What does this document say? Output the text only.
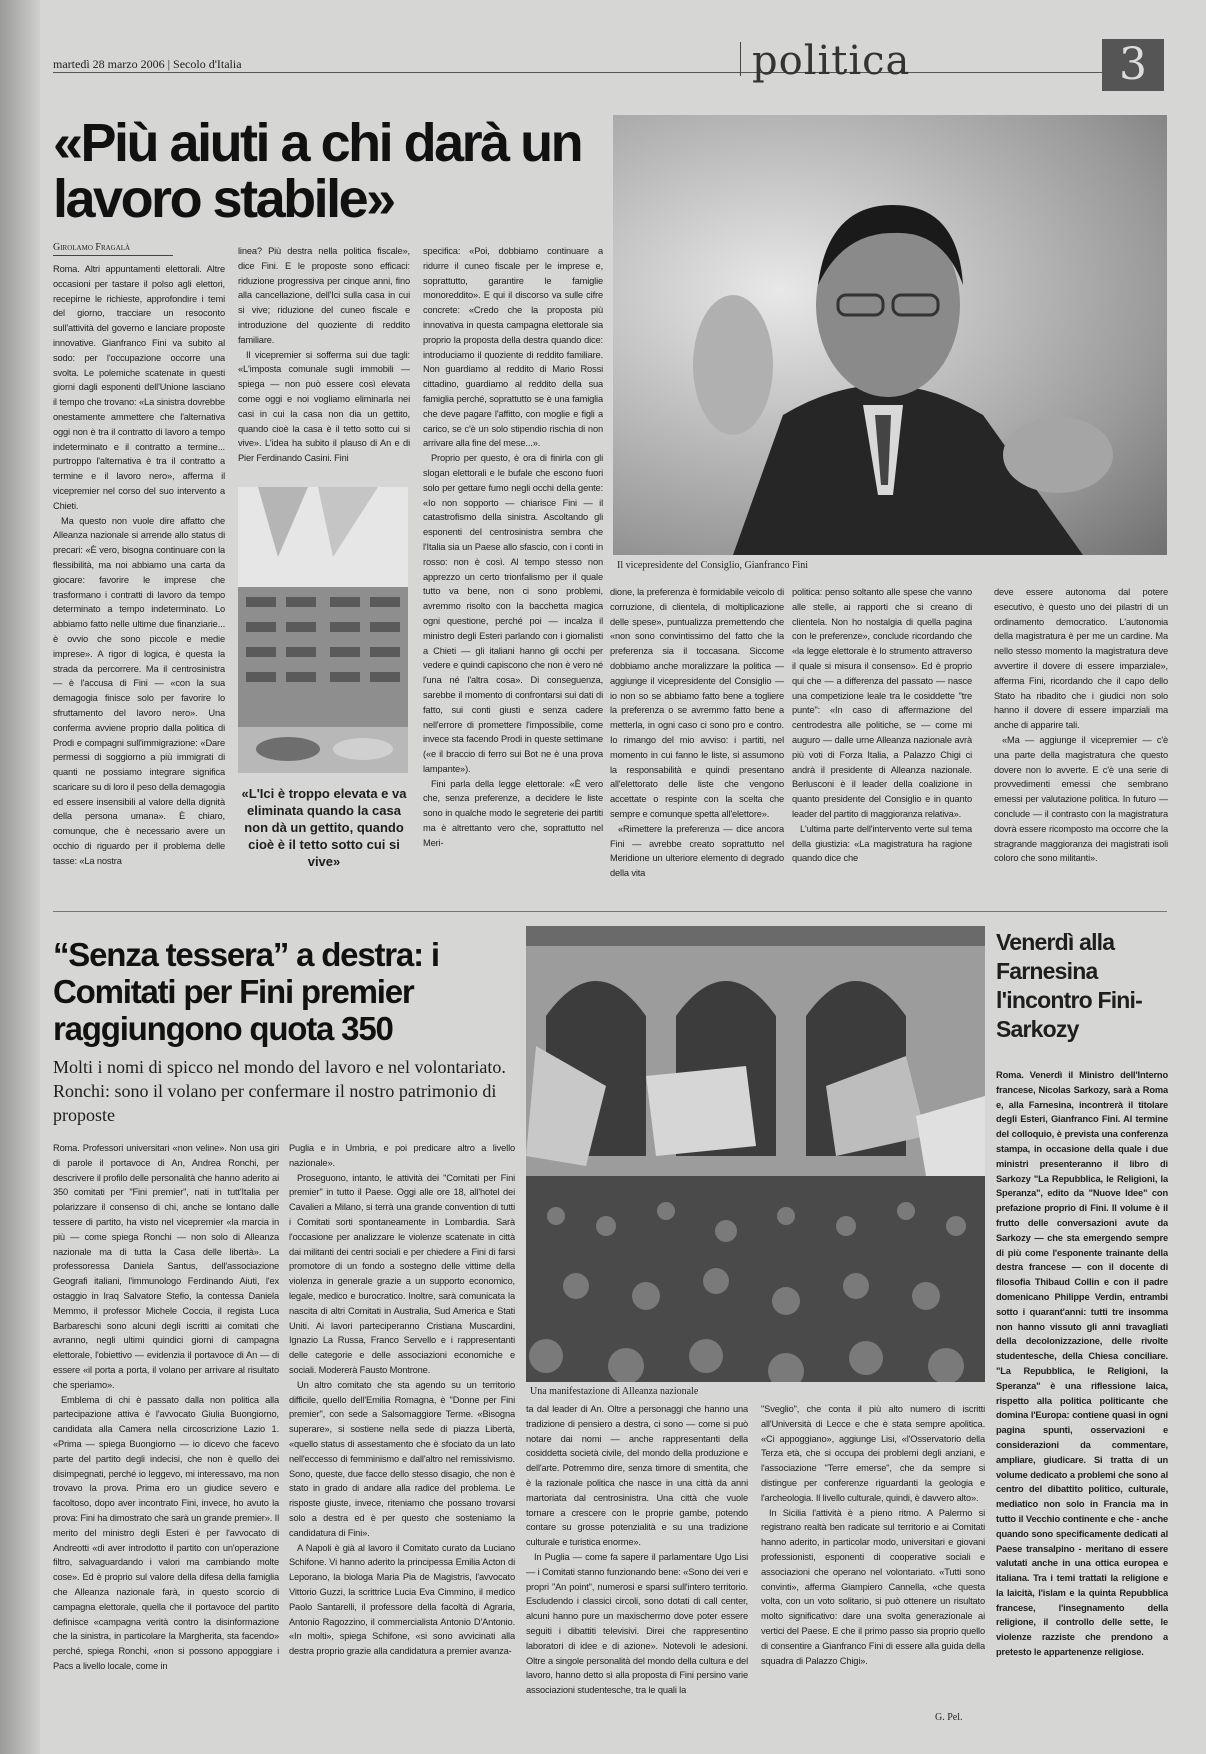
martedì 28 marzo 2006 | Secolo d'Italia	politica	3
«Più aiuti a chi darà un lavoro stabile»
Girolamo Fragalà

Roma. Altri appuntamenti elettorali. Altre occasioni per tastare il polso agli elettori, recepirne le richieste, approfondire i temi del giorno, tracciare un resoconto sull'attività del governo e lanciare proposte innovative. Gianfranco Fini va subito al sodo: per l'occupazione occorre una svolta. Le polemiche scatenate in questi giorni dagli esponenti dell'Unione lasciano il tempo che trovano: «La sinistra dovrebbe onestamente ammettere che l'alternativa oggi non è tra il contratto di lavoro a tempo indeterminato e il contratto a termine... purtroppo l'alternativa è tra il contratto a termine e il lavoro nero», afferma il vicepremier nel corso del suo intervento a Chieti.

Ma questo non vuole dire affatto che Alleanza nazionale si arrende allo status di precari: «È vero, bisogna continuare con la flessibilità, ma noi abbiamo una carta da giocare: favorire le imprese che trasformano i contratti di lavoro da tempo determinato a tempo indeterminato. Lo abbiamo fatto nelle ultime due finanziarie... è ovvio che sono piccole e medie imprese». A rigor di logica, è questa la strada da percorrere. Ma il centrosinistra — è l'accusa di Fini — «con la sua demagogia finisce solo per favorire lo sfruttamento del lavoro nero». Una conferma avviene proprio dalla politica di Prodi e compagni sull'immigrazione: «Dare permessi di soggiorno a più immigrati di quanti ne possiamo integrare significa scaricare su di loro il peso della demagogia ed essere insensibili al valore della dignità della persona umana». È chiaro, comunque, che è necessario avere un occhio di riguardo per il problema delle tasse: «La nostra

linea? Più destra nella politica fiscale», dice Fini. E le proposte sono efficaci: riduzione progressiva per cinque anni, fino alla cancellazione, dell'Ici sulla casa in cui si vive; riduzione del cuneo fiscale e introduzione del quoziente di reddito familiare.

Il vicepremier si sofferma sui due tagli: «L'imposta comunale sugli immobili — spiega — non può essere così elevata come oggi e noi vogliamo eliminarla nei casi in cui la casa non dia un gettito, quando cioè la casa è il tetto sotto cui si vive». L'idea ha subito il plauso di An e di Pier Ferdinando Casini. Fini

«L'Ici è troppo elevata e va eliminata quando la casa non dà un gettito, quando cioè è il tetto sotto cui si vive»

specifica: «Poi, dobbiamo continuare a ridurre il cuneo fiscale per le imprese e, soprattutto, garantire le famiglie monoreddito». E qui il discorso va sulle cifre concrete: «Credo che la proposta più innovativa in questa campagna elettorale sia proprio la proposta della destra quando dice: introduciamo il quoziente di reddito familiare. Non guardiamo al reddito di Mario Rossi cittadino, guardiamo al reddito della sua famiglia perché, soprattutto se è una famiglia che deve pagare l'affitto, con moglie e figli a carico, se c'è un solo stipendio rischia di non arrivare alla fine del mese...».

Proprio per questo, è ora di finirla con gli slogan elettorali e le bufale che escono fuori solo per gettare fumo negli occhi della gente: «Io non sopporto — chiarisce Fini — il catastrofismo della sinistra. Ascoltando gli esponenti del centrosinistra sembra che l'Italia sia un Paese allo sfascio, con i conti in rosso: non è così. Al tempo stesso non apprezzo un certo trionfalismo per il quale tutto va bene, non ci sono problemi, avremmo risolto con la bacchetta magica ogni questione, perché poi — incalza il ministro degli Esteri parlando con i giornalisti a Chieti — gli italiani hanno gli occhi per vedere e quindi capiscono che non è vero né l'una né l'altra cosa». Di conseguenza, sarebbe il momento di confrontarsi sui dati di fatto, sui conti giusti e senza cadere nell'errore di promettere l'impossibile, come invece sta facendo Prodi in queste settimane («e il braccio di ferro sui Bot ne è una prova lampante»).

Fini parla della legge elettorale: «È vero che, senza preferenze, a decidere le liste sono in qualche modo le segreterie dei partiti ma è altrettanto vero che, soprattutto nel Meri-

Il vicepresidente del Consiglio, Gianfranco Fini

dione, la preferenza è formidabile veicolo di corruzione, di clientela, di moltiplicazione delle spese», puntualizza premettendo che «non sono convintissimo del fatto che la preferenza sia il toccasana. Siccome dobbiamo anche moralizzare la politica — aggiunge il vicepresidente del Consiglio — io non so se abbiamo fatto bene a togliere la preferenza o se avremmo fatto bene a metterla, in ogni caso ci sono pro e contro. Io rimango del mio avviso: i partiti, nel momento in cui fanno le liste, si assumono la responsabilità e quindi presentano all'elettorato delle liste che vengono accettate o respinte con la scelta che sempre e comunque spetta all'elettore».

«Rimettere la preferenza — dice ancora Fini — avrebbe creato soprattutto nel Meridione un ulteriore elemento di degrado della vita

politica: penso soltanto alle spese che vanno alle stelle, ai rapporti che si creano di clientela. Non ho nostalgia di quella pagina con le preferenze», conclude ricordando che «la legge elettorale è lo strumento attraverso il quale si misura il consenso». Ed è proprio qui che — a differenza del passato — nasce una competizione leale tra le cosiddette "tre punte": «In caso di affermazione del centrodestra alle politiche, se — come mi auguro — dalle urne Alleanza nazionale avrà più voti di Forza Italia, a Palazzo Chigi ci andrà il presidente di Alleanza nazionale. Berlusconi è il leader della coalizione in quanto presidente del Consiglio e in quanto leader del partito di maggioranza relativa».

L'ultima parte dell'intervento verte sul tema della giustizia: «La magistratura ha ragione quando dice che

deve essere autonoma dal potere esecutivo, è questo uno dei pilastri di un ordinamento democratico. L'autonomia della magistratura è per me un cardine. Ma nello stesso momento la magistratura deve avvertire il dovere di essere imparziale», afferma Fini, ricordando che il capo dello Stato ha ribadito che i giudici non solo hanno il dovere di essere imparziali ma anche di apparire tali.

«Ma — aggiunge il vicepremier — c'è una parte della magistratura che questo dovere non lo avverte. E c'è una serie di provvedimenti emessi che sembrano emessi per valutazione politica. In futuro — conclude — il contrasto con la magistratura dovrà essere ricomposto ma occorre che la stragrande maggioranza dei magistrati isoli coloro che sono militanti».

“Senza tessera” a destra: i Comitati per Fini premier raggiungono quota 350
Molti i nomi di spicco nel mondo del lavoro e nel volontariato. Ronchi: sono il volano per confermare il nostro patrimonio di proposte

Roma. Professori universitari «non veline». Non usa giri di parole il portavoce di An, Andrea Ronchi, per descrivere il profilo delle personalità che hanno aderito ai 350 comitati per "Fini premier", nati in tutt'Italia per polarizzare il consenso di chi, anche se lontano dalle tessere di partito, ha visto nel vicepremier «la marcia in più — come spiega Ronchi — non solo di Alleanza nazionale ma di tutta la Casa delle libertà». La professoressa Daniela Santus, dell'associazione Geografi italiani, l'immunologo Ferdinando Aiuti, l'ex ostaggio in Iraq Salvatore Stefio, la contessa Daniela Memmo, il professor Michele Coccia, il regista Luca Barbareschi sono alcuni degli iscritti ai comitati che avranno, negli ultimi quindici giorni di campagna elettorale, l'obiettivo — evidenzia il portavoce di An — di essere «il porta a porta, il volano per arrivare al risultato che speriamo».

Emblema di chi è passato dalla non politica alla partecipazione attiva è l'avvocato Giulia Buongiorno, candidata alla Camera nella circoscrizione Lazio 1. «Prima — spiega Buongiorno — io dicevo che facevo parte del partito degli indecisi, che non è quello dei disimpegnati, perché io leggevo, mi interessavo, ma non trovavo la prova. Prima ero un giudice severo e facoltoso, dopo aver incontrato Fini, invece, ho avuto la prova: Fini ha dimostrato che sarà un grande premier». Il merito del ministro degli Esteri è per l'avvocato di Andreotti «di aver introdotto il partito con un'operazione filtro, salvaguardando i valori ma cambiando molte cose». Ed è proprio sul valore della difesa della famiglia che Alleanza nazionale farà, in questo scorcio di campagna elettorale, quella che il portavoce del partito definisce «campagna verità contro la disinformazione che la sinistra, in particolare la Margherita, sta facendo» perché, spiega Ronchi, «non si possono appoggiare i Pacs a livello locale, come in

Puglia e in Umbria, e poi predicare altro a livello nazionale».

Proseguono, intanto, le attività dei "Comitati per Fini premier" in tutto il Paese. Oggi alle ore 18, all'hotel dei Cavalieri a Milano, si terrà una grande convention di tutti i Comitati sorti spontaneamente in Lombardia. Sarà l'occasione per analizzare le violenze scatenate in città dai militanti dei centri sociali e per chiedere a Fini di farsi promotore di un fondo a sostegno delle vittime della violenza in generale grazie a un supporto economico, legale, medico e burocratico. Inoltre, sarà comunicata la nascita di altri Comitati in Australia, Sud America e Stati Uniti. Ai lavori parteciperanno Cristiana Muscardini, Ignazio La Russa, Franco Servello e i rappresentanti delle categorie e delle associazioni economiche e sociali. Modererà Fausto Montrone.

Un altro comitato che sta agendo su un territorio difficile, quello dell'Emilia Romagna, è "Donne per Fini premier", con sede a Salsomaggiore Terme. «Bisogna superare», si sostiene nella sede di piazza Libertà, «quello status di assestamento che è sfociato da un lato nell'eccesso di femminismo e dall'altro nel remissivismo. Sono, queste, due facce dello stesso disagio, che non è stato in grado di andare alla radice del problema. Le risposte giuste, invece, riteniamo che possano trovarsi solo a destra ed è per questo che sosteniamo la candidatura di Fini».

A Napoli è già al lavoro il Comitato curato da Luciano Schifone. Vi hanno aderito la principessa Emilia Acton di Leporano, la biologa Maria Pia de Magistris, l'avvocato Vittorio Guzzi, la scrittrice Lucia Eva Cimmino, il medico Paolo Santarelli, il professore della facoltà di Agraria, Antonio Ragozzino, il commercialista Antonio D'Antonio. «In molti», spiega Schifone, «si sono avvicinati alla destra proprio grazie alla candidatura a premier avanza-

Una manifestazione di Alleanza nazionale

ta dal leader di An. Oltre a personaggi che hanno una tradizione di pensiero a destra, ci sono — come si può notare dai nomi — anche rappresentanti della cosiddetta società civile, del mondo della produzione e dell'arte. Potremmo dire, senza timore di smentita, che è la razionale politica che nasce in una città da anni martoriata dal centrosinistra. Una città che vuole tornare a crescere con le proprie gambe, potendo contare su grosse potenzialità e su una tradizione culturale e turistica enorme».

In Puglia — come fa sapere il parlamentare Ugo Lisi — i Comitati stanno funzionando bene: «Sono dei veri e propri "An point", numerosi e sparsi sull'intero territorio. Escludendo i classici circoli, sono dotati di call center, alcuni hanno pure un maxischermo dove poter essere seguiti i dibattiti televisivi. Direi che rappresentino laboratori di idee e di azione». Notevoli le adesioni. Oltre a singole personalità del mondo della cultura e del lavoro, hanno detto sì alla proposta di Fini persino varie associazioni studentesche, tra le quali la

"Sveglio", che conta il più alto numero di iscritti all'Università di Lecce e che è stata sempre apolitica. «Ci appoggiano», aggiunge Lisi, «l'Osservatorio della Terza età, che si occupa dei problemi degli anziani, e l'associazione "Terre emerse", che da sempre si distingue per conferenze riguardanti la geologia e l'archeologia. Il livello culturale, quindi, è davvero alto».

In Sicilia l'attività è a pieno ritmo. A Palermo si registrano realtà ben radicate sul territorio e ai Comitati hanno aderito, in particolar modo, universitari e giovani professionisti, esponenti di cooperative sociali e associazioni che operano nel volontariato. «Tutti sono convinti», afferma Giampiero Cannella, «che questa volta, con un voto solitario, si può ottenere un risultato molto significativo: dare una svolta generazionale ai vertici del Paese. E che il primo passo sia proprio quello di consentire a Gianfranco Fini di essere alla guida della squadra di Palazzo Chigi».

G. Pel.
Venerdì alla Farnesina l'incontro Fini-Sarkozy

Roma. Venerdì il Ministro dell'Interno francese, Nicolas Sarkozy, sarà a Roma e, alla Farnesina, incontrerà il titolare degli Esteri, Gianfranco Fini. Al termine del colloquio, è prevista una conferenza stampa, in occasione della quale i due ministri presenteranno il libro di Sarkozy "La Repubblica, le Religioni, la Speranza", edito da "Nuove Idee" con prefazione proprio di Fini. Il volume è il frutto delle conversazioni avute da Sarkozy — che sta emergendo sempre di più come l'esponente trainante della destra francese — con il docente di filosofia Thibaud Collin e con il padre domenicano Philippe Verdin, entrambi sotto i quarant'anni: tutti tre insomma non hanno vissuto gli anni travagliati della decolonizzazione, delle rivolte studentesche, della Chiesa conciliare. "La Repubblica, le Religioni, la Speranza" è una riflessione laica, rispetto alla politica politicante che domina l'Europa: contiene quasi in ogni pagina spunti, osservazioni e considerazioni da commentare, ampliare, giudicare. Si tratta di un volume dedicato a problemi che sono al centro del dibattito politico, culturale, mediatico non solo in Francia ma in tutto il Vecchio continente e che - anche quando sono specificamente dedicati al Paese transalpino - meritano di essere valutati anche in una ottica europea e italiana. Tra i temi trattati la religione e la laicità, l'islam e la quinta Repubblica francese, l'insegnamento della religione, il controllo delle sette, le violenze razziste che prendono a pretesto le appartenenze religiose.
